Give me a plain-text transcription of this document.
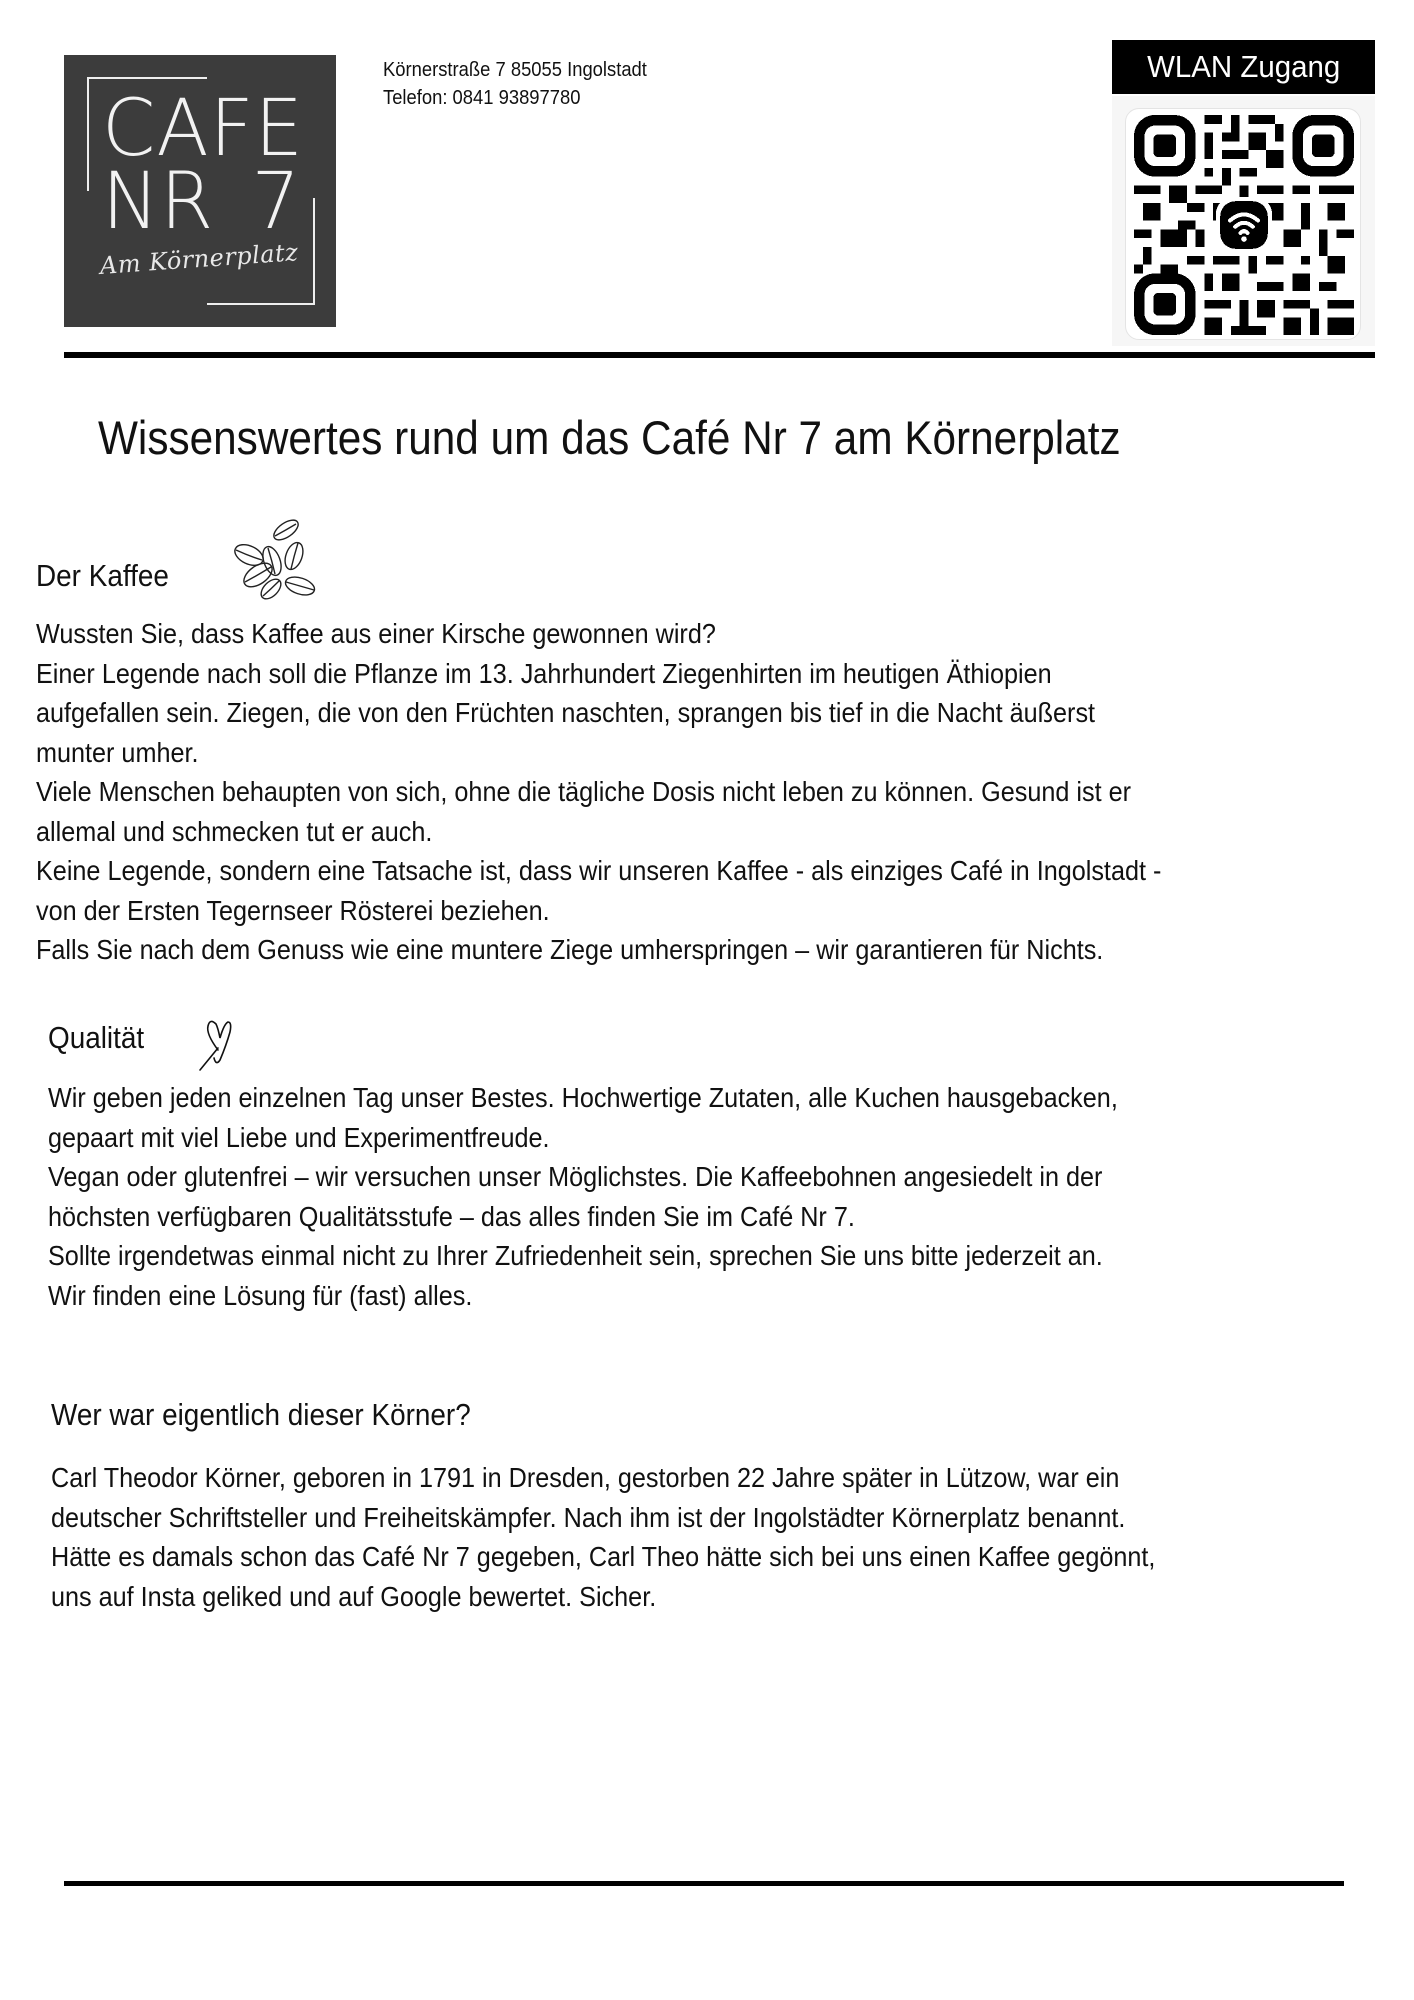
CAFE
NR 7
Am Körnerplatz
Körnerstraße 7 85055 Ingolstadt
Telefon: 0841 93897780
WLAN Zugang
Wissenswertes rund um das Café Nr 7 am Körnerplatz
Der Kaffee
Wussten Sie, dass Kaffee aus einer Kirsche gewonnen wird?
Einer Legende nach soll die Pflanze im 13. Jahrhundert Ziegenhirten im heutigen Äthiopien
aufgefallen sein. Ziegen, die von den Früchten naschten, sprangen bis tief in die Nacht äußerst
munter umher.
Viele Menschen behaupten von sich, ohne die tägliche Dosis nicht leben zu können. Gesund ist er
allemal und schmecken tut er auch.
Keine Legende, sondern eine Tatsache ist, dass wir unseren Kaffee - als einziges Café in Ingolstadt -
von der Ersten Tegernseer Rösterei beziehen.
Falls Sie nach dem Genuss wie eine muntere Ziege umherspringen – wir garantieren für Nichts.
Qualität
Wir geben jeden einzelnen Tag unser Bestes. Hochwertige Zutaten, alle Kuchen hausgebacken,
gepaart mit viel Liebe und Experimentfreude.
Vegan oder glutenfrei – wir versuchen unser Möglichstes. Die Kaffeebohnen angesiedelt in der
höchsten verfügbaren Qualitätsstufe – das alles finden Sie im Café Nr 7.
Sollte irgendetwas einmal nicht zu Ihrer Zufriedenheit sein, sprechen Sie uns bitte jederzeit an.
Wir finden eine Lösung für (fast) alles.
Wer war eigentlich dieser Körner?
Carl Theodor Körner, geboren in 1791 in Dresden, gestorben 22 Jahre später in Lützow, war ein
deutscher Schriftsteller und Freiheitskämpfer. Nach ihm ist der Ingolstädter Körnerplatz benannt.
Hätte es damals schon das Café Nr 7 gegeben, Carl Theo hätte sich bei uns einen Kaffee gegönnt,
uns auf Insta geliked und auf Google bewertet. Sicher.
